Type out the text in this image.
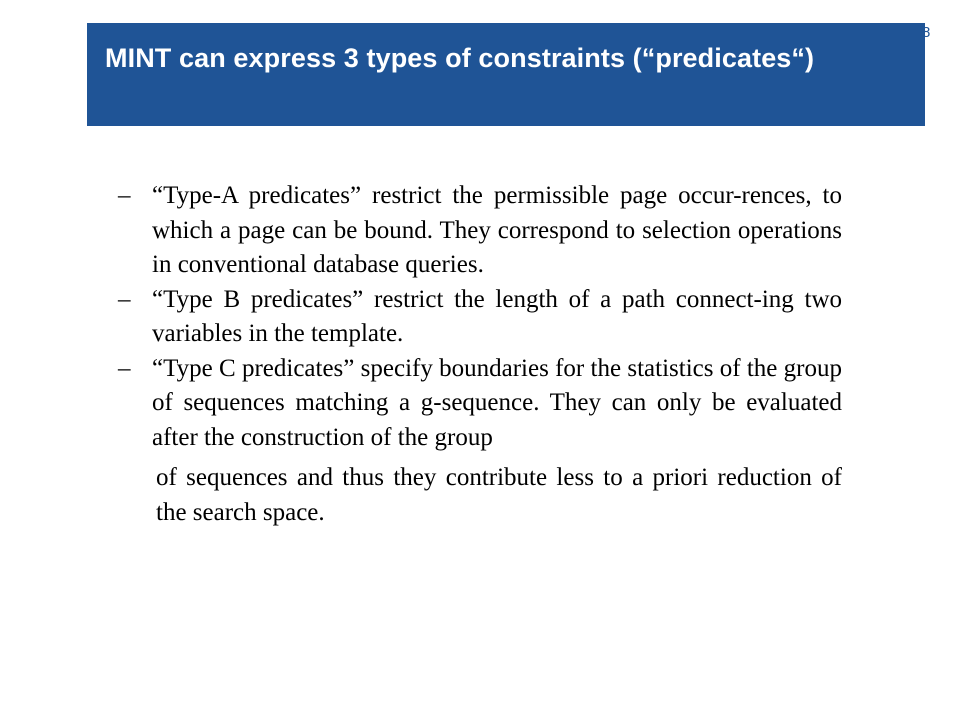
MINT can express 3 types of constraints (“predicates“)
8
– “Type-A predicates” restrict the permissible page occur-rences, to which a page can be bound. They correspond to selection operations in conventional database queries.
– “Type B predicates” restrict the length of a path connect-ing two variables in the template.
– “Type C predicates” specify boundaries for the statistics of the group of sequences matching a g-sequence. They can only be evaluated after the construction of the group
of sequences and thus they contribute less to a priori reduction of the search space.
